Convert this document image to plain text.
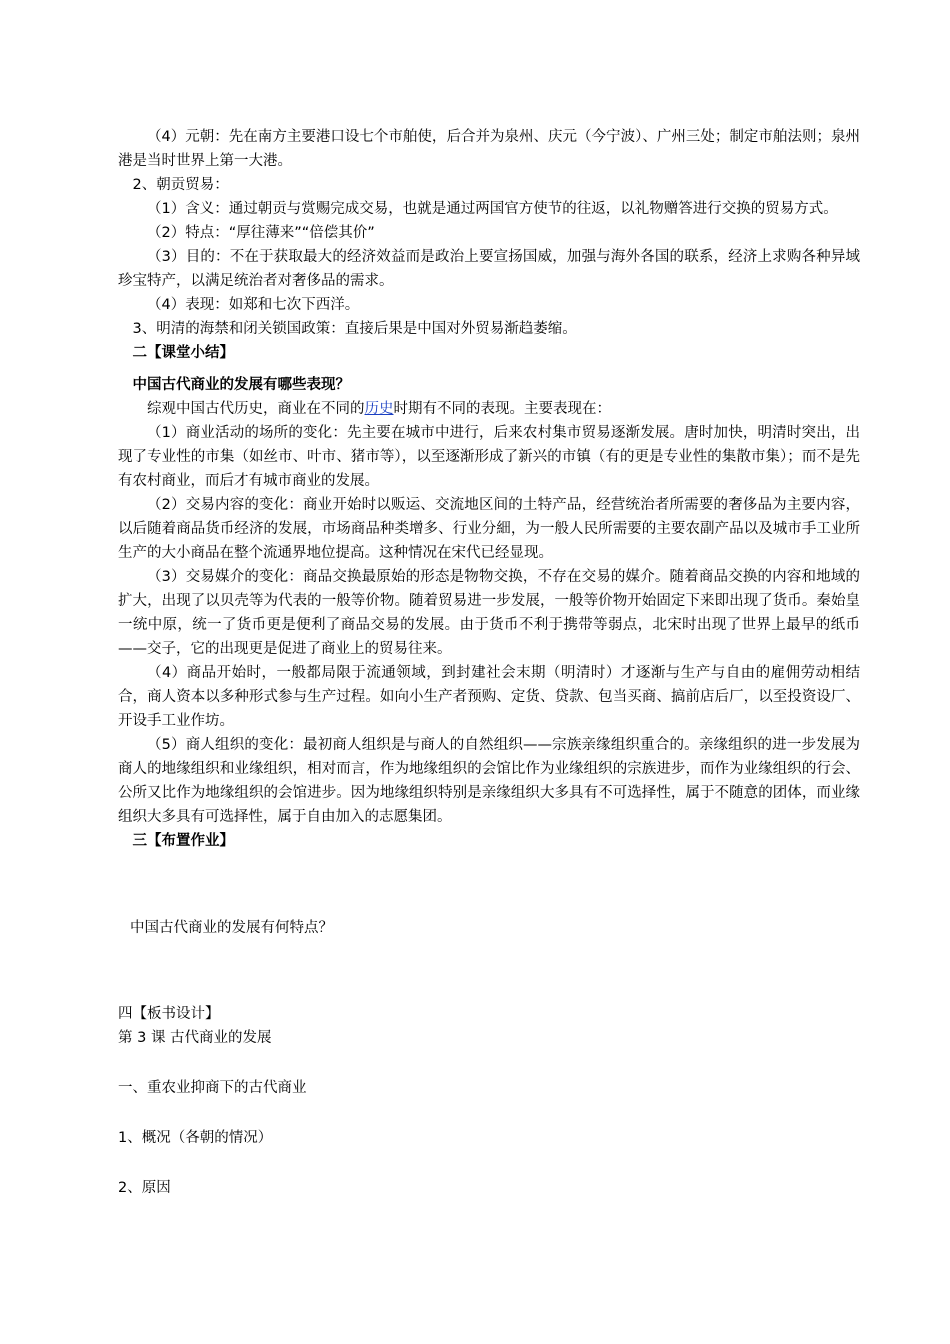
（4）元朝：先在南方主要港口设七个市舶使，后合并为泉州、庆元（今宁波）、广州三处；制定市舶法则；泉州港是当时世界上第一大港。

2、朝贡贸易：

（1）含义：通过朝贡与赏赐完成交易，也就是通过两国官方使节的往返，以礼物赠答进行交换的贸易方式。

（2）特点：“厚往薄来”“倍偿其价”

（3）目的：不在于获取最大的经济效益而是政治上要宣扬国威，加强与海外各国的联系，经济上求购各种异域珍宝特产，以满足统治者对奢侈品的需求。

（4）表现：如郑和七次下西洋。

3、明清的海禁和闭关锁国政策：直接后果是中国对外贸易渐趋萎缩。

二【课堂小结】

中国古代商业的发展有哪些表现？

综观中国古代历史，商业在不同的历史时期有不同的表现。主要表现在：

（1）商业活动的场所的变化：先主要在城市中进行，后来农村集市贸易逐渐发展。唐时加快，明清时突出，出现了专业性的市集（如丝市、叶市、猪市等），以至逐渐形成了新兴的市镇（有的更是专业性的集散市集）；而不是先有农村商业，而后才有城市商业的发展。

（2）交易内容的变化：商业开始时以贩运、交流地区间的土特产品，经营统治者所需要的奢侈品为主要内容，以后随着商品货币经济的发展，市场商品种类增多、行业分細，为一般人民所需要的主要农副产品以及城市手工业所生产的大小商品在整个流通界地位提高。这种情况在宋代已经显现。

（3）交易媒介的变化：商品交换最原始的形态是物物交换，不存在交易的媒介。随着商品交换的内容和地域的扩大，出现了以贝壳等为代表的一般等价物。随着贸易进一步发展，一般等价物开始固定下来即出现了货币。秦始皇一统中原，统一了货币更是便利了商品交易的发展。由于货币不利于携带等弱点，北宋时出现了世界上最早的纸币——交子，它的出现更是促进了商业上的贸易往来。

（4）商品开始时，一般都局限于流通领域，到封建社会末期（明清时）才逐渐与生产与自由的雇佣劳动相结合，商人资本以多种形式参与生产过程。如向小生产者预购、定货、贷款、包当买商、搞前店后厂，以至投资设厂、开设手工业作坊。

（5）商人组织的变化：最初商人组织是与商人的自然组织——宗族亲缘组织重合的。亲缘组织的进一步发展为商人的地缘组织和业缘组织，相对而言，作为地缘组织的会馆比作为业缘组织的宗族进步，而作为业缘组织的行会、公所又比作为地缘组织的会馆进步。因为地缘组织特别是亲缘组织大多具有不可选择性，属于不随意的团体，而业缘组织大多具有可选择性，属于自由加入的志愿集团。

三【布置作业】

中国古代商业的发展有何特点？
四【板书设计】
第 3 课 古代商业的发展
一、重农业抑商下的古代商业
1、概况（各朝的情况）
2、原因
